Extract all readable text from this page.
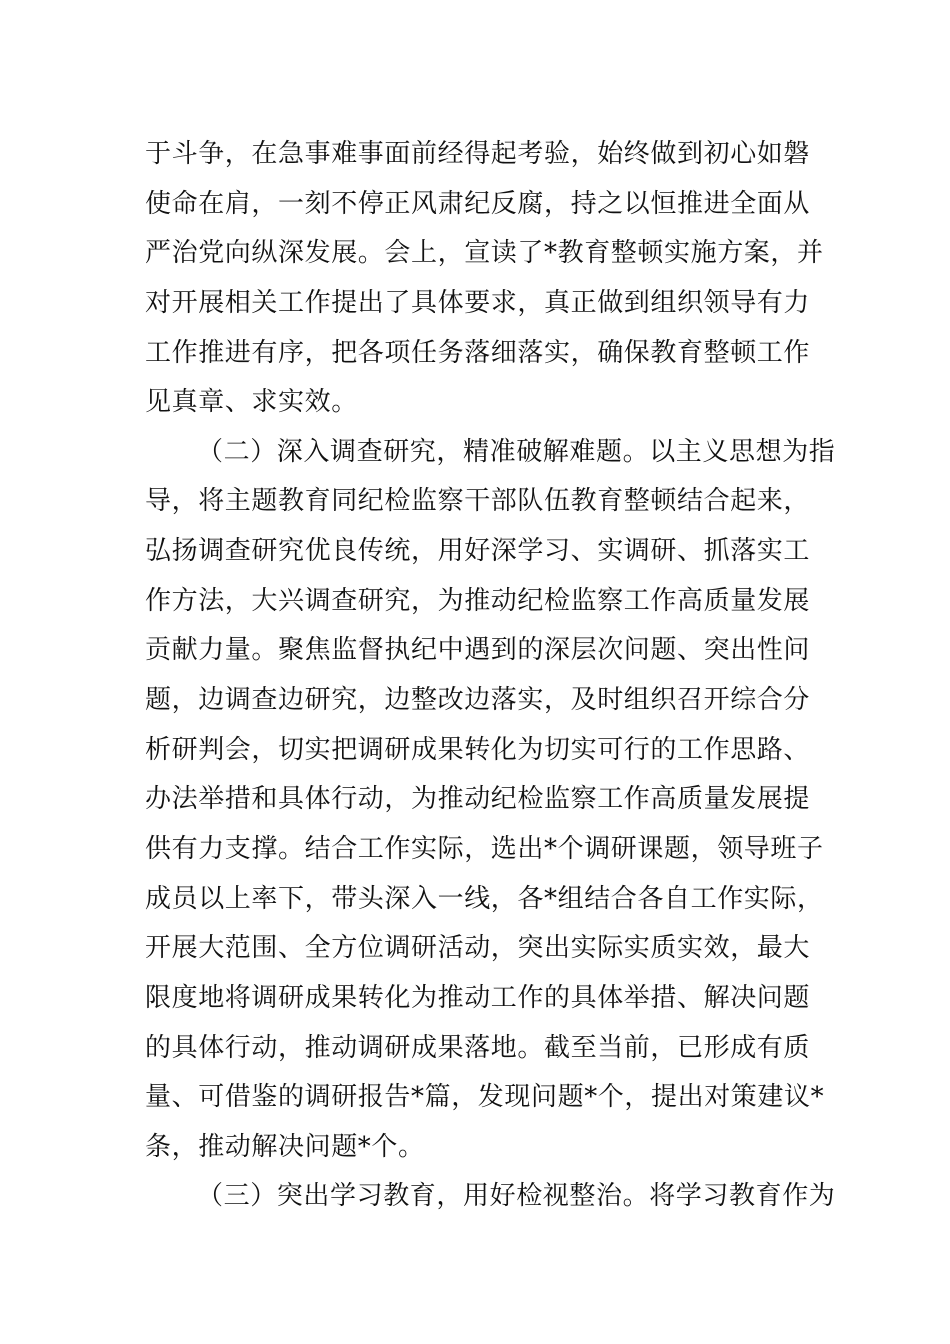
于斗争，在急事难事面前经得起考验，始终做到初心如磐
使命在肩，一刻不停正风肃纪反腐，持之以恒推进全面从
严治党向纵深发展。会上，宣读了*教育整顿实施方案，并
对开展相关工作提出了具体要求，真正做到组织领导有力
工作推进有序，把各项任务落细落实，确保教育整顿工作
见真章、求实效。
（二）深入调查研究，精准破解难题。以主义思想为指
导，将主题教育同纪检监察干部队伍教育整顿结合起来，
弘扬调查研究优良传统，用好深学习、实调研、抓落实工
作方法，大兴调查研究，为推动纪检监察工作高质量发展
贡献力量。聚焦监督执纪中遇到的深层次问题、突出性问
题，边调查边研究，边整改边落实，及时组织召开综合分
析研判会，切实把调研成果转化为切实可行的工作思路、
办法举措和具体行动，为推动纪检监察工作高质量发展提
供有力支撑。结合工作实际，选出*个调研课题，领导班子
成员以上率下，带头深入一线，各*组结合各自工作实际，
开展大范围、全方位调研活动，突出实际实质实效，最大
限度地将调研成果转化为推动工作的具体举措、解决问题
的具体行动，推动调研成果落地。截至当前，已形成有质
量、可借鉴的调研报告*篇，发现问题*个，提出对策建议*
条，推动解决问题*个。
（三）突出学习教育，用好检视整治。将学习教育作为
